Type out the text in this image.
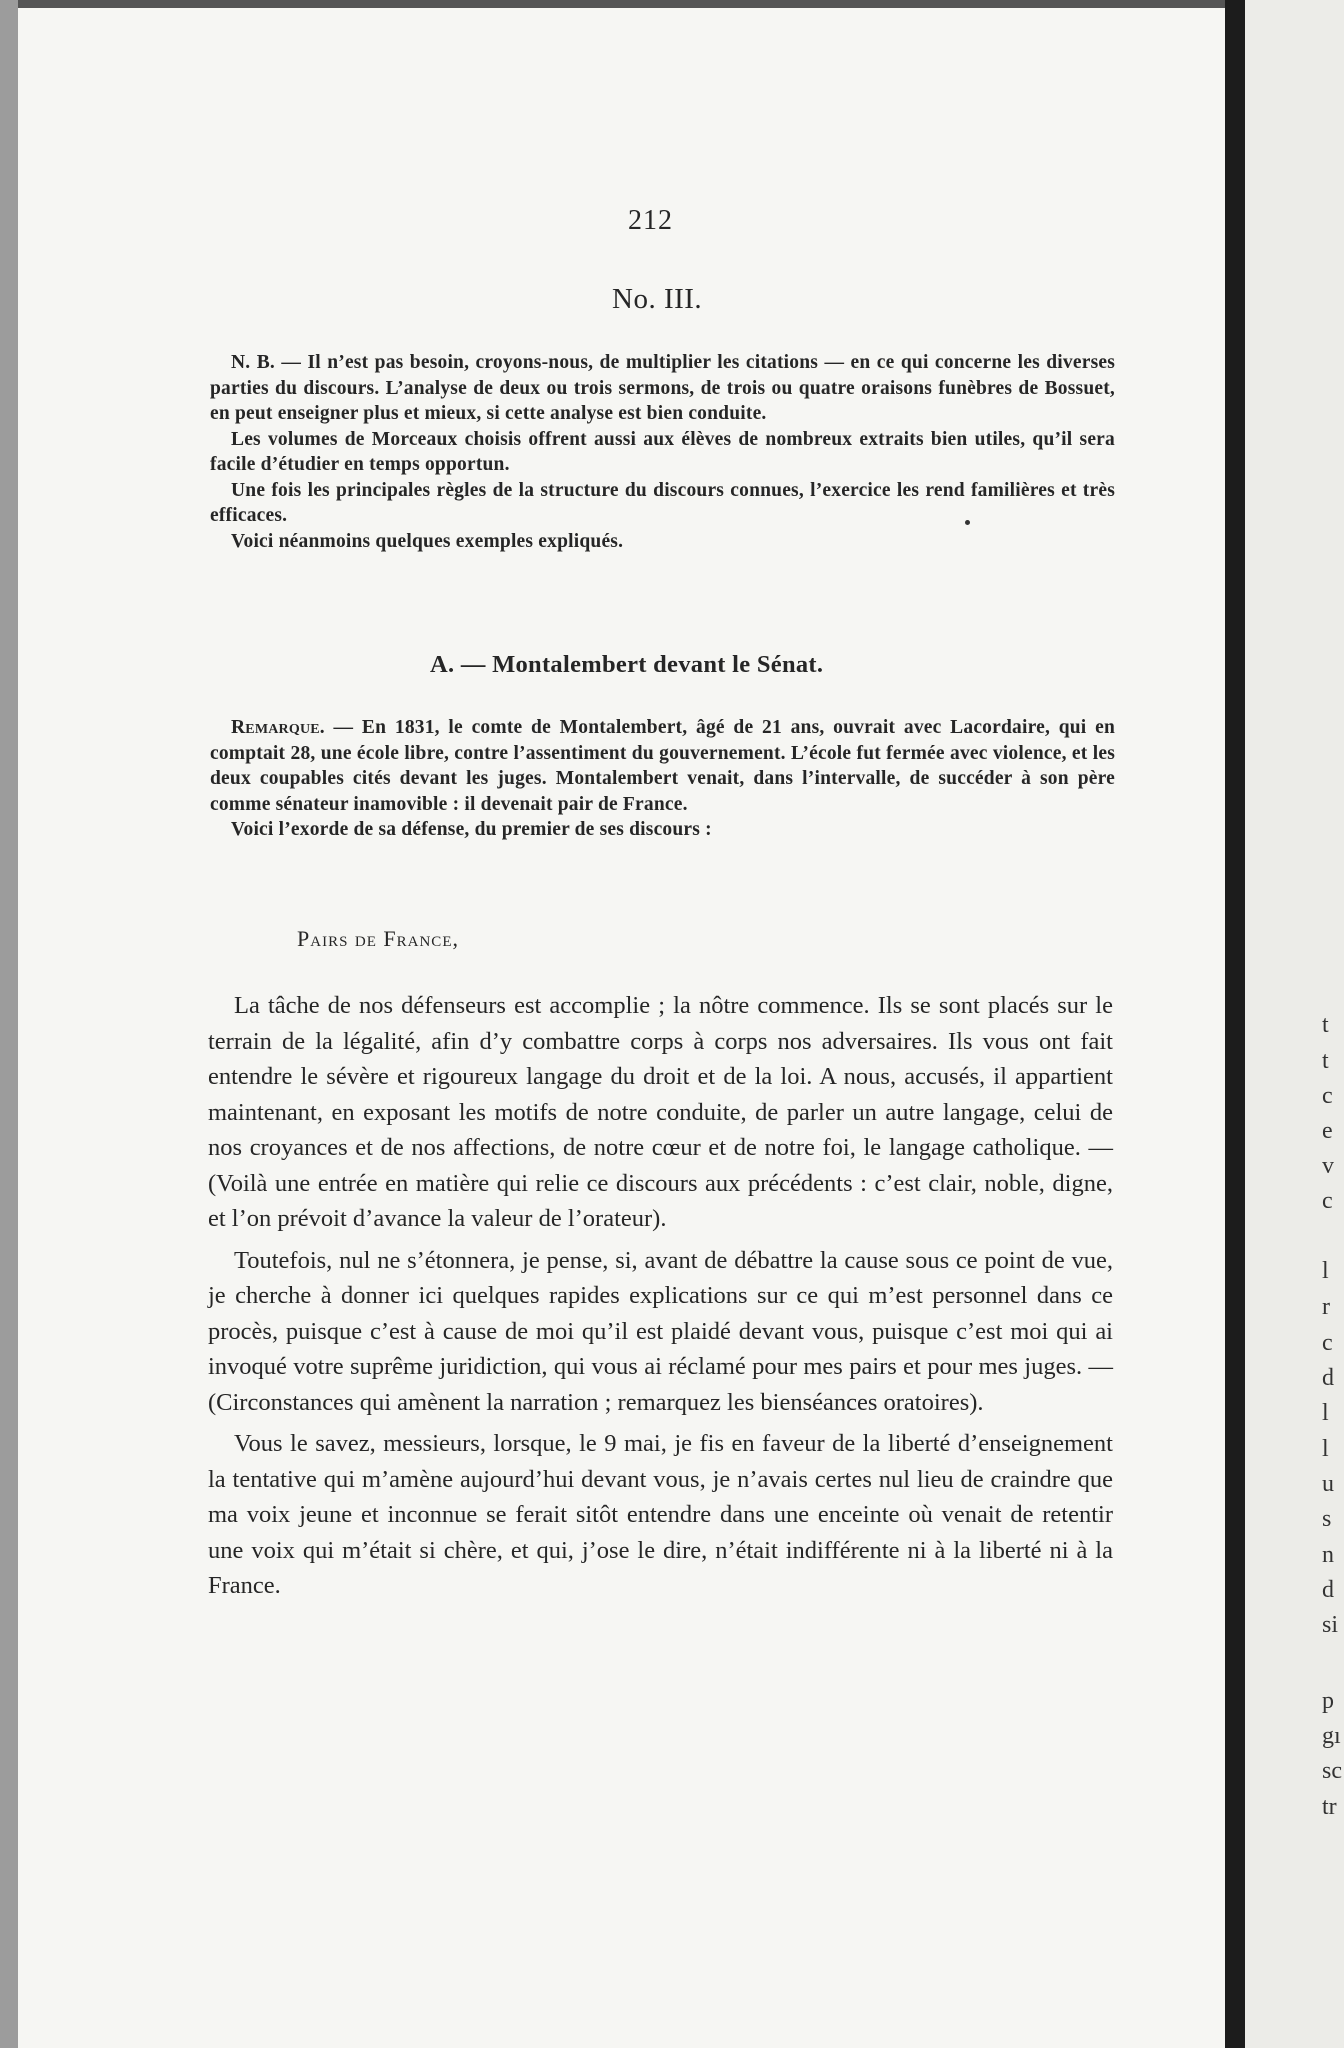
t
t
c
e
v
c
l
r
c
d
l
l
u
s
n
d
si
p
gı
sc
tr
212
No. III.

N. B. — Il n’est pas besoin, croyons-nous, de multiplier les citations — en ce qui concerne les diverses parties du discours. L’analyse de deux ou trois sermons, de trois ou quatre oraisons funèbres de Bossuet, en peut enseigner plus et mieux, si cette analyse est bien conduite.

Les volumes de Morceaux choisis offrent aussi aux élèves de nombreux extraits bien utiles, qu’il sera facile d’étudier en temps opportun.

Une fois les principales règles de la structure du discours connues, l’exercice les rend familières et très efficaces.

Voici néanmoins quelques exemples expliqués.

A. — Montalembert devant le Sénat.

Remarque. — En 1831, le comte de Montalembert, âgé de 21 ans, ouvrait avec Lacordaire, qui en comptait 28, une école libre, contre l’assentiment du gouvernement. L’école fut fermée avec violence, et les deux coupables cités devant les juges. Montalembert venait, dans l’intervalle, de succéder à son père comme sénateur inamovible : il devenait pair de France.

Voici l’exorde de sa défense, du premier de ses discours :

Pairs de France,

La tâche de nos défenseurs est accomplie ; la nôtre commence. Ils se sont placés sur le terrain de la légalité, afin d’y combattre corps à corps nos adversaires. Ils vous ont fait entendre le sévère et rigoureux langage du droit et de la loi. A nous, accusés, il appartient maintenant, en exposant les motifs de notre conduite, de parler un autre langage, celui de nos croyances et de nos affections, de notre cœur et de notre foi, le langage catholique. — (Voilà une entrée en matière qui relie ce discours aux précédents : c’est clair, noble, digne, et l’on prévoit d’avance la valeur de l’orateur).

Toutefois, nul ne s’étonnera, je pense, si, avant de débattre la cause sous ce point de vue, je cherche à donner ici quelques rapides explications sur ce qui m’est personnel dans ce procès, puisque c’est à cause de moi qu’il est plaidé devant vous, puisque c’est moi qui ai invoqué votre suprême juridiction, qui vous ai réclamé pour mes pairs et pour mes juges. — (Circonstances qui amènent la narration ; remarquez les bienséances oratoires).

Vous le savez, messieurs, lorsque, le 9 mai, je fis en faveur de la liberté d’enseignement la tentative qui m’amène aujourd’hui devant vous, je n’avais certes nul lieu de craindre que ma voix jeune et inconnue se ferait sitôt entendre dans une enceinte où venait de retentir une voix qui m’était si chère, et qui, j’ose le dire, n’était indifférente ni à la liberté ni à la France.
